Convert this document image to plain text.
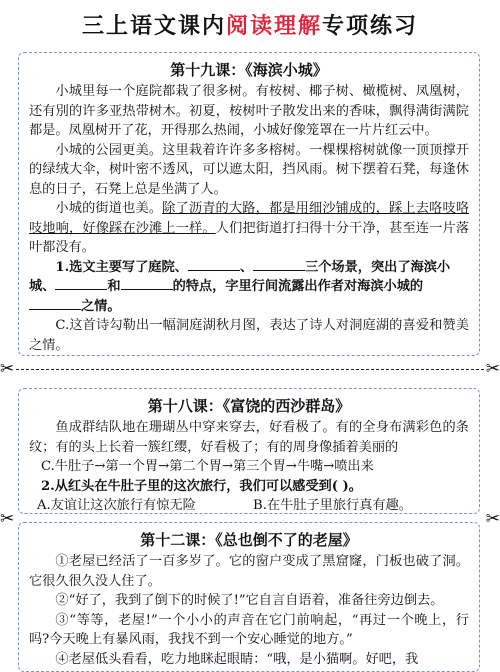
三上语文课内阅读理解专项练习
第十九课：《海滨小城》

小城里每一个庭院都栽了很多树。有桉树、椰子树、橄榄树、凤凰树，还有別的许多亚热带树木。初夏，桉树叶子散发出来的香味，飘得满街满院都是。凤凰树开了花，开得那么热闹，小城好像笼罩在一片片红云中。

小城的公园更美。这里栽着许许多多榕树。一棵棵榕树就像一顶顶撑开的绿绒大伞，树叶密不透风，可以遮太阳，挡风雨。树下摆着石凳，每逢休息的日子，石凳上总是坐满了人。

小城的街道也美。除了沥青的大路，都是用细沙铺成的，踩上去咯吱咯吱地响，好像踩在沙滩上一样。人们把街道打扫得十分干净，甚至连一片落叶都没有。

1.选文主要写了庭院、	、	三个场景，突出了海滨小城、	和	的特点，字里行间流露出作者对海滨小城的之情。

C.这首诗勾勒出一幅洞庭湖秋月图，表达了诗人对洞庭湖的喜爱和赞美之情。

✂	✂
第十八课：《富饶的西沙群岛》

鱼成群结队地在珊瑚丛中穿来穿去，好看极了。有的全身布满彩色的条纹；有的头上长着一簇红缨，好看极了；有的周身像插着美丽的

C.牛肚子→第一个胃→第二个胃→第三个胃→牛嘴→喷出来

2.从红头在牛肚子里的这次旅行，我们可以感受到( )。

A.友谊让这次旅行有惊无险	B.在牛肚子里旅行真有趣。
✂	✂
第十二课：《总也倒不了的老屋》

①老屋已经活了一百多岁了。它的窗户变成了黑窟窿，门板也破了洞。它很久很久没人住了。

②“好了，我到了倒下的时候了!”它自言自语着，准备往旁边倒去。

③“等等，老屋!”一个小小的声音在它门前响起，“再过一个晚上，行吗?今天晚上有暴风雨，我找不到一个安心睡觉的地方。”

④老屋低头看看，吃力地眯起眼睛：“哦，是小猫啊。好吧，我
